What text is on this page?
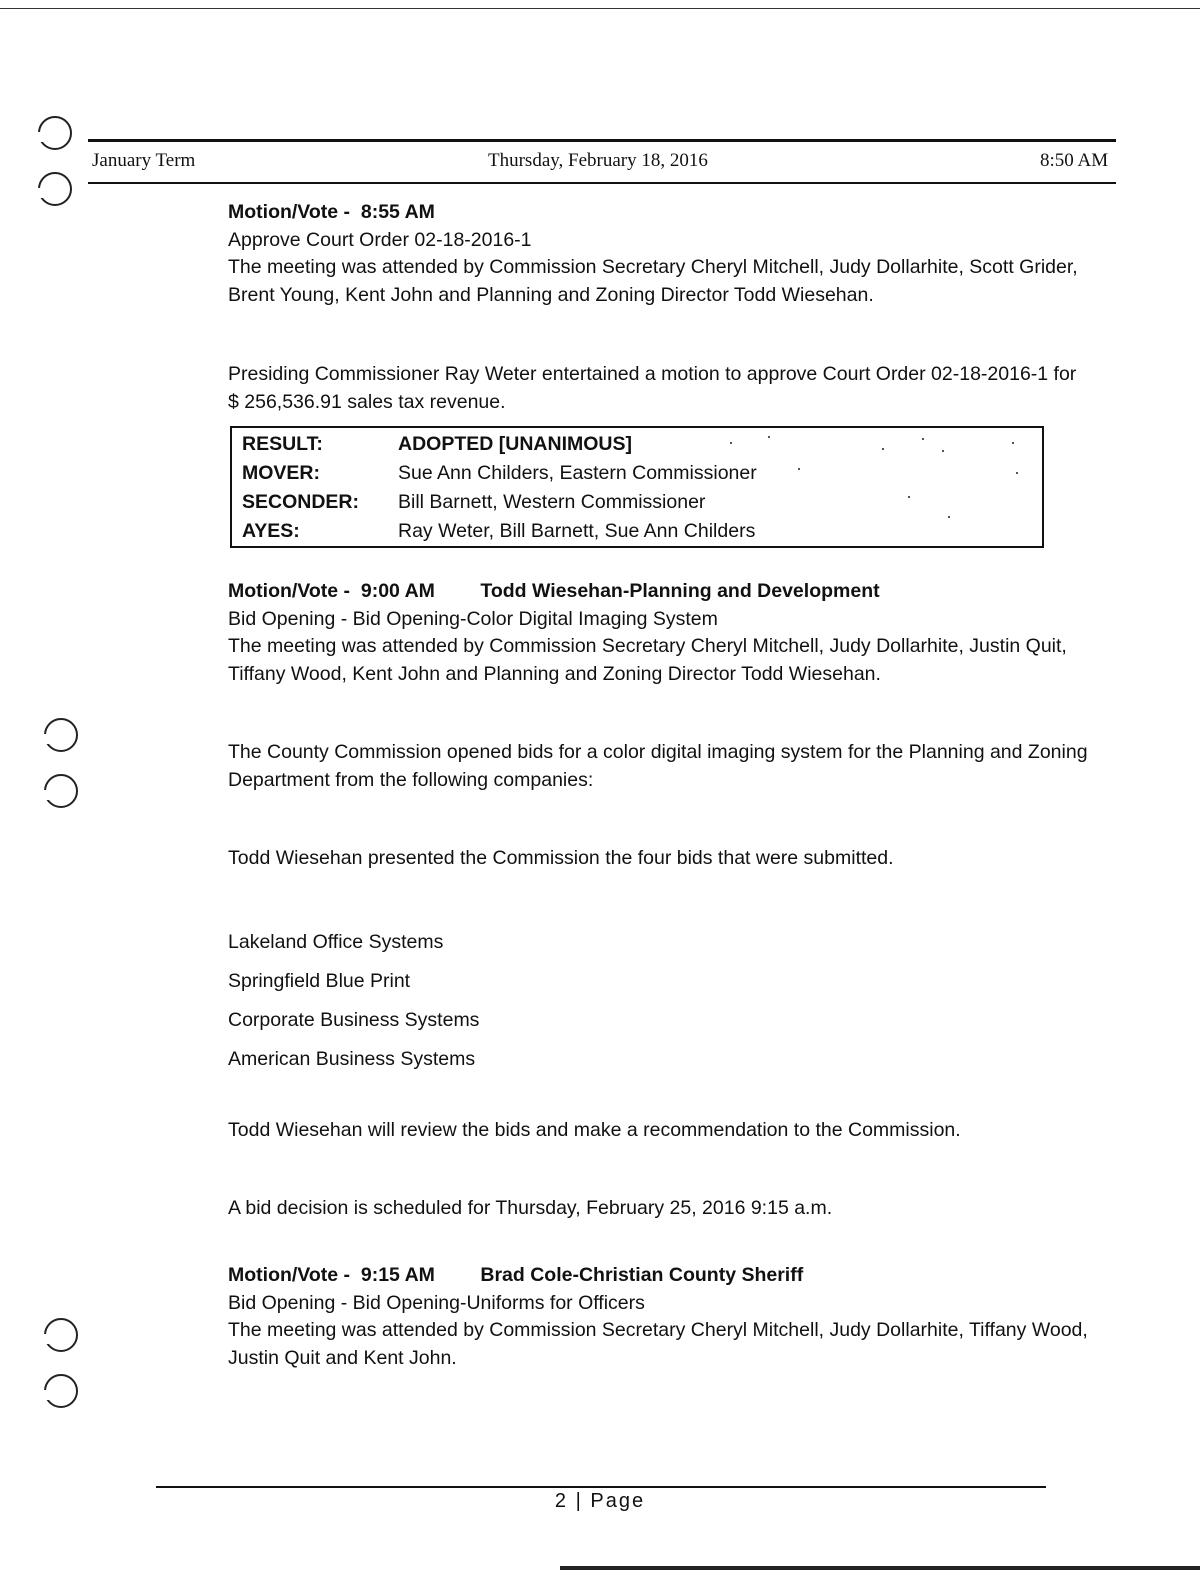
January Term	Thursday, February 18, 2016	8:50 AM

Motion/Vote - 8:55 AM

Approve Court Order 02-18-2016-1

The meeting was attended by Commission Secretary Cheryl Mitchell, Judy Dollarhite, Scott Grider, Brent Young, Kent John and Planning and Zoning Director Todd Wiesehan.

Presiding Commissioner Ray Weter entertained a motion to approve Court Order 02-18-2016-1 for $ 256,536.91 sales tax revenue.

RESULT:	ADOPTED [UNANIMOUS]
MOVER:	Sue Ann Childers, Eastern Commissioner
SECONDER:	Bill Barnett, Western Commissioner
AYES:	Ray Weter, Bill Barnett, Sue Ann Childers

Motion/Vote - 9:00 AM Todd Wiesehan-Planning and Development

Bid Opening - Bid Opening-Color Digital Imaging System

The meeting was attended by Commission Secretary Cheryl Mitchell, Judy Dollarhite, Justin Quit, Tiffany Wood, Kent John and Planning and Zoning Director Todd Wiesehan.

The County Commission opened bids for a color digital imaging system for the Planning and Zoning Department from the following companies:

Todd Wiesehan presented the Commission the four bids that were submitted.

Lakeland Office Systems

Springfield Blue Print

Corporate Business Systems

American Business Systems

Todd Wiesehan will review the bids and make a recommendation to the Commission.

A bid decision is scheduled for Thursday, February 25, 2016 9:15 a.m.

Motion/Vote - 9:15 AM Brad Cole-Christian County Sheriff

Bid Opening - Bid Opening-Uniforms for Officers

The meeting was attended by Commission Secretary Cheryl Mitchell, Judy Dollarhite, Tiffany Wood, Justin Quit and Kent John.

2 | Page
